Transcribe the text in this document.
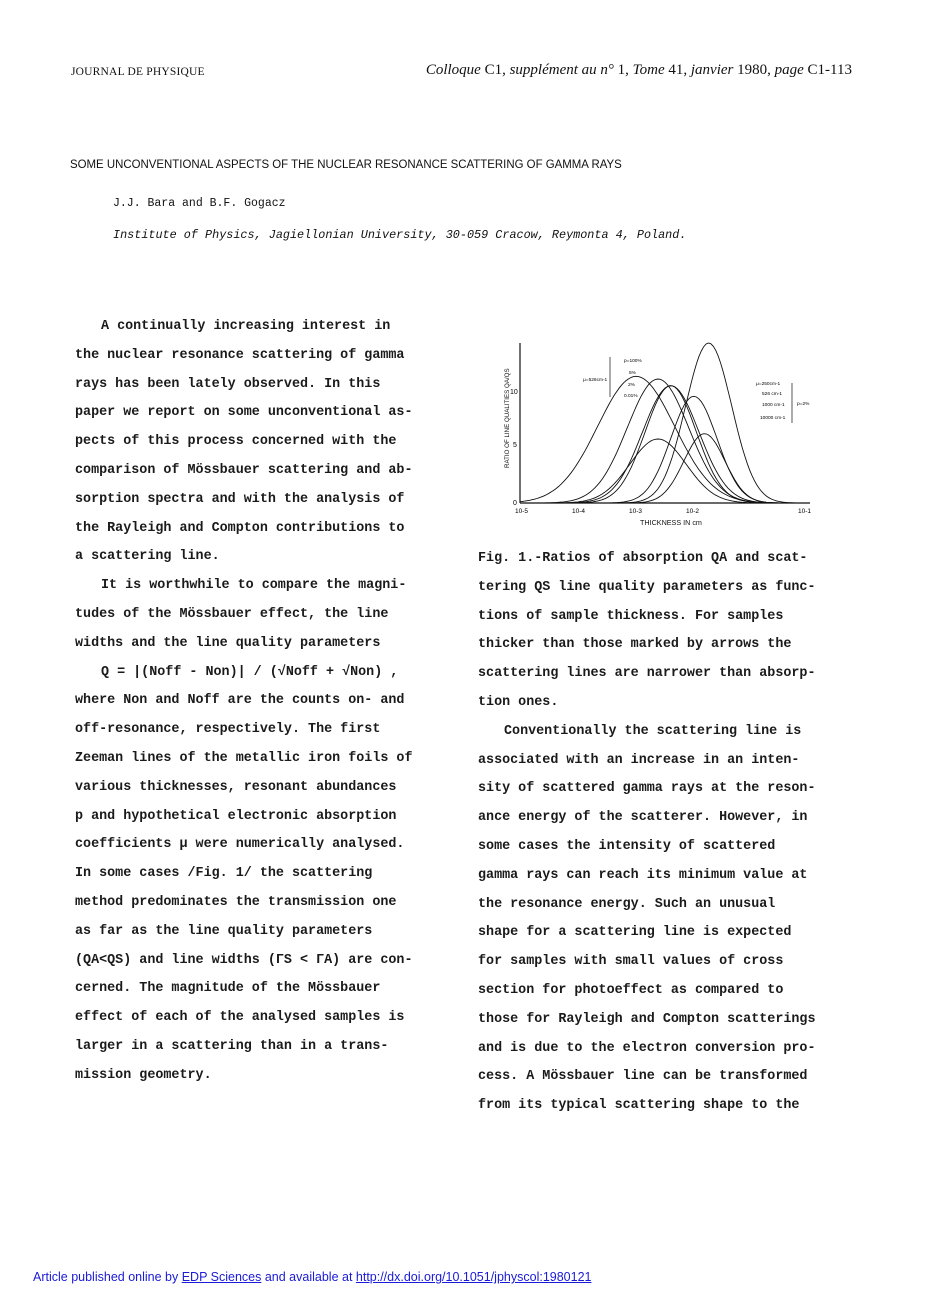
JOURNAL DE PHYSIQUE	Colloque C1, supplément au n° 1, Tome 41, janvier 1980, page C1-113
SOME UNCONVENTIONAL ASPECTS OF THE NUCLEAR RESONANCE SCATTERING OF GAMMA RAYS
J.J. Bara and B.F. Gogacz
Institute of Physics, Jagiellonian University, 30-059 Cracow, Reymonta 4, Poland.
A continually increasing interest in
the nuclear resonance scattering of gamma
rays has been lately observed. In this
paper we report on some unconventional as-
pects of this process concerned with the
comparison of Mössbauer scattering and ab-
sorption spectra and with the analysis of
the Rayleigh and Compton contributions to
a scattering line.
It is worthwhile to compare the magni-
tudes of the Mössbauer effect, the line
widths and the line quality parameters
Q = |(Noff - Non)| / (√Noff + √Non) ,
where Non and Noff are the counts on- and
off-resonance, respectively. The first
Zeeman lines of the metallic iron foils of
various thicknesses, resonant abundances
p and hypothetical electronic absorption
coefficients μ were numerically analysed.
In some cases /Fig. 1/ the scattering
method predominates the transmission one
as far as the line quality parameters
(QA<QS) and line widths (ΓS < ΓA) are con-
cerned. The magnitude of the Mössbauer
effect of each of the analysed samples is
larger in a scattering than in a trans-
mission geometry.
RATIO OF LINE QUALITIES QA/QS
THICKNESS IN cm
0
5
10
10-5	10-4	10-3	10-2	10-1
μ=526cm-1
p=100%
5%
2%
0.01%
μ=250cm-1
526 cm-1
1000 cm-1
10000 cm-1
p=2%
Fig. 1.-Ratios of absorption QA and scat-
tering QS line quality parameters as func-
tions of sample thickness. For samples
thicker than those marked by arrows the
scattering lines are narrower than absorp-
tion ones.
Conventionally the scattering line is
associated with an increase in an inten-
sity of scattered gamma rays at the reson-
ance energy of the scatterer. However, in
some cases the intensity of scattered
gamma rays can reach its minimum value at
the resonance energy. Such an unusual
shape for a scattering line is expected
for samples with small values of cross
section for photoeffect as compared to
those for Rayleigh and Compton scatterings
and is due to the electron conversion pro-
cess. A Mössbauer line can be transformed
from its typical scattering shape to the
Article published online by EDP Sciences and available at http://dx.doi.org/10.1051/jphyscol:1980121
